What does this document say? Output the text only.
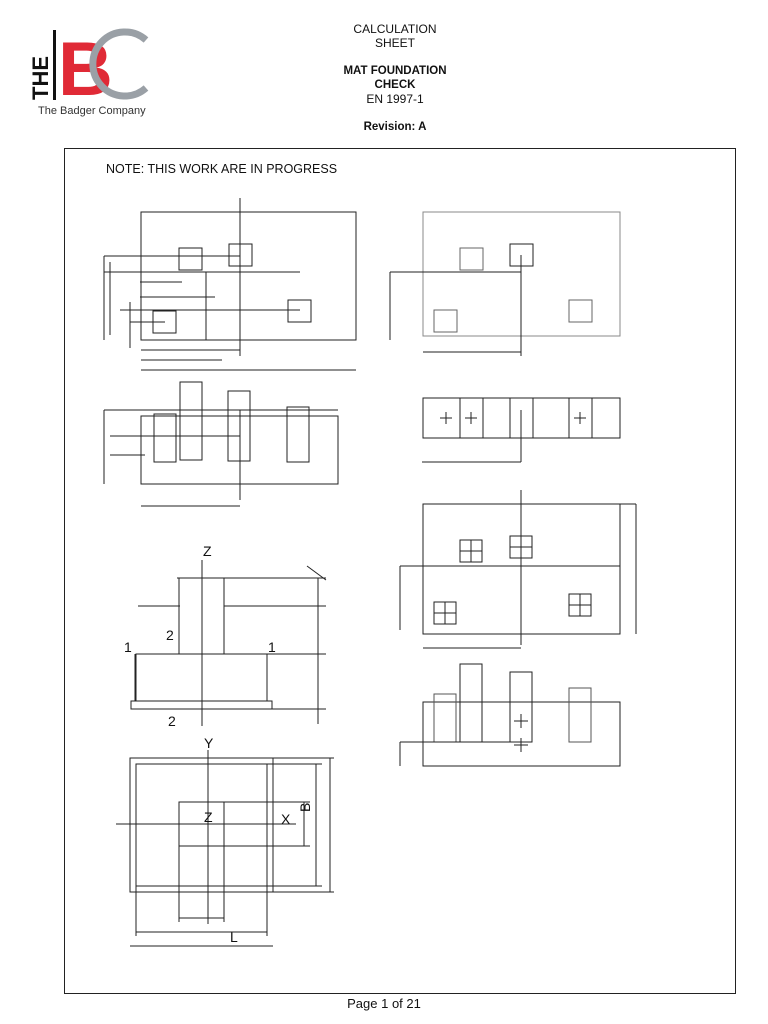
THE B
The Badger Company
CALCULATION
SHEET
MAT FOUNDATION
CHECK
EN 1997-1
Revision: A
NOTE: THIS WORK ARE IN PROGRESS
Z
1
2
1
2
Y
Z	X
B
L
Page 1 of 21
